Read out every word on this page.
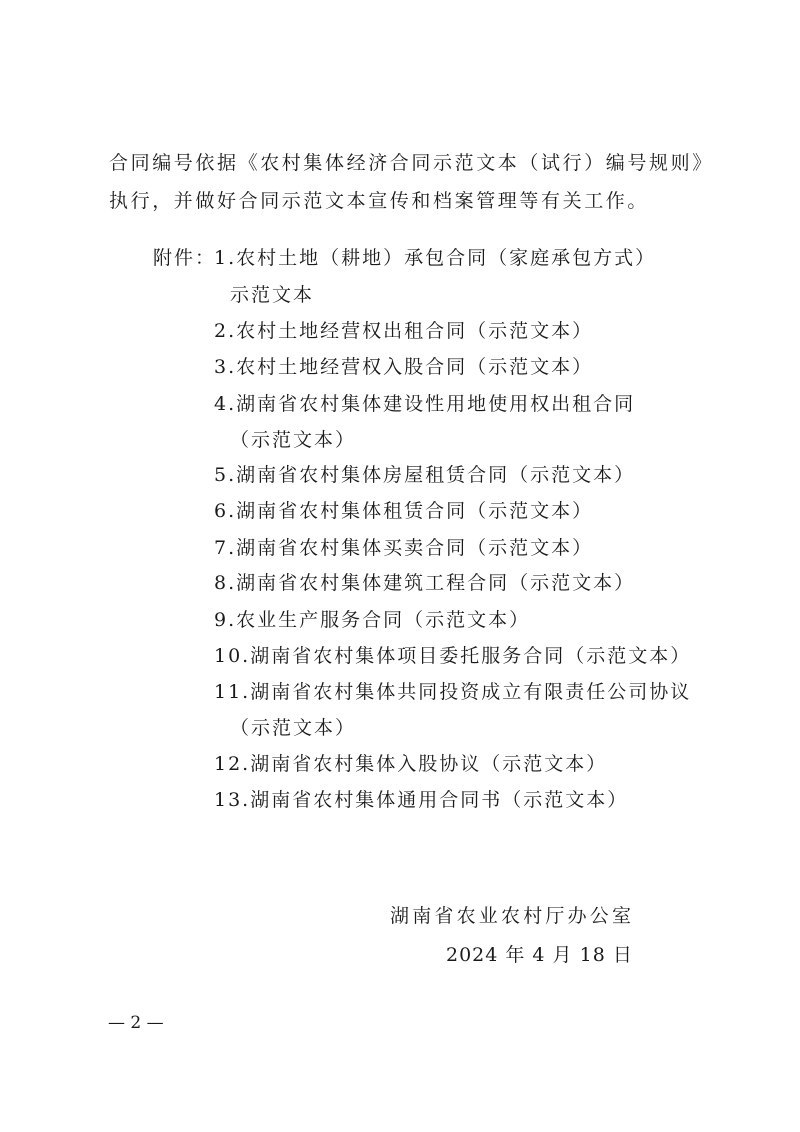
合同编号依据《农村集体经济合同示范文本（试行）编号规则》
执行，并做好合同示范文本宣传和档案管理等有关工作。
附件：
1.农村土地（耕地）承包合同（家庭承包方式）
示范文本
2.农村土地经营权出租合同（示范文本）
3.农村土地经营权入股合同（示范文本）
4.湖南省农村集体建设性用地使用权出租合同
（示范文本）
5.湖南省农村集体房屋租赁合同（示范文本）
6.湖南省农村集体租赁合同（示范文本）
7.湖南省农村集体买卖合同（示范文本）
8.湖南省农村集体建筑工程合同（示范文本）
9.农业生产服务合同（示范文本）
10.湖南省农村集体项目委托服务合同（示范文本）
11.湖南省农村集体共同投资成立有限责任公司协议
（示范文本）
12.湖南省农村集体入股协议（示范文本）
13.湖南省农村集体通用合同书（示范文本）
湖南省农业农村厅办公室
2024 年 4 月 18 日
— 2 —
